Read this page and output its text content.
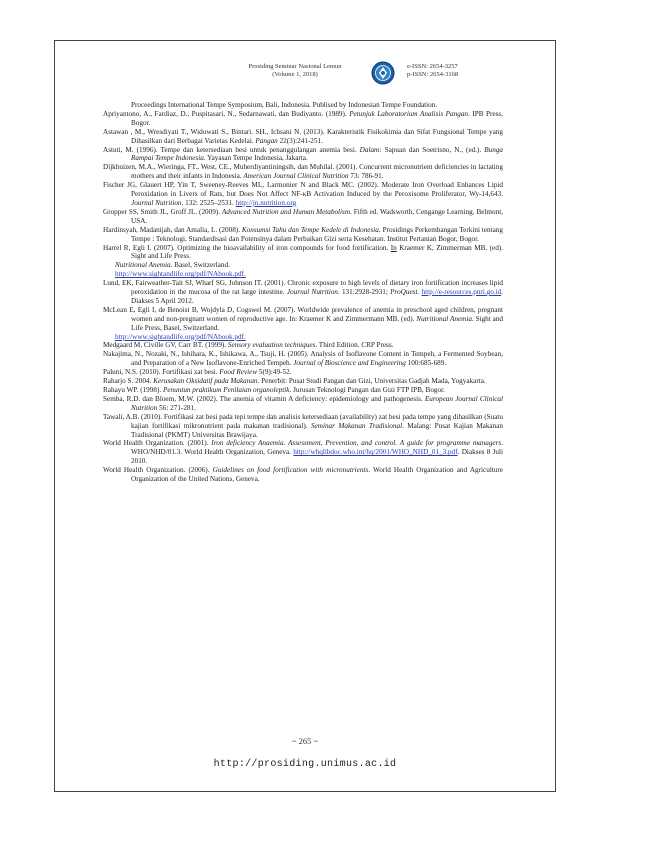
Prosiding Seminar Nasional Lemun
(Volume 1, 2018)
e-ISSN: 2654-3257
p-ISSN: 2654-3168

Proceedings International Tempe Symposium, Bali, Indonesia. Publised by Indonesian Tempe Foundation.

Apriyantono, A., Fardiaz, D., Puspitasari, N., Sedarnawati, dan Budiyanto. (1989). Petunjuk Laboratorium Analisis Pangan. IPB Press, Bogor.

Astawan , M., Wresdiyati T., Widowati S., Bintari. SH., Ichsani N. (2013). Karakteristik Fisikokimia dan Sifat Fungsional Tempe yang Dihasilkan dari Berbagai Varietas Kedelai. Pangan 22(3):241-251.

Astuti, M. (1996). Tempe dan ketersediaan besi untuk penanggulangan anemia besi. Dalam: Sapuan dan Soetrisno, N., (ed.). Bunga Rampai Tempe Indonesia. Yayasan Tempe Indonesia, Jakarta.

Dijkhuizen, M.A., Wieringa, FT., West, CE., Muherdiyantiningsih, dan Muhilal. (2001). Concurrent micronutrient deficiencies in lactating mothers and their infants in Indonesia. American Journal Clinical Nutrition 73: 786-91.

Fischer JG, Glauert HP, Yin T, Sweeney-Reeves ML, Larmonier N and Black MC. (2002). Moderate Iron Overload Enhances Lipid Peroxidation in Livers of Rats, but Does Not Affect NF-κB Activation Induced by the Peroxisome Proliferator, Wy-14,643. Journal Nutrition. 132: 2525–2531. http://jn.nutrition.org

Gropper SS, Smith JL, Groff JL. (2009). Advanced Nutrition and Human Metabolism. Fifth ed. Wadsworth, Cengange Learning. Belmont, USA.

Hardinsyah, Madanijah, dan Amalia, L. (2008). Konsumsi Tahu dan Tempe Kedele di Indonesia. Prosidings Perkembangan Terkini tentang Tempe : Teknologi, Standardisasi dan Potensinya dalam Perbaikan Gizi serta Kesehatan. Institut Pertanian Bogor, Bogor.

Harrel R, Egli I. (2007). Optimizing the bioavailability of iron compounds for food fortification. In Kraemer K, Zimmerman MB. (ed). Sight and Life Press.

Nutritional Anemia. Basel, Switzerland.

http://www.sightandlife.org/pdf/NAbook.pdf.

Lund, EK, Fairweather-Tait SJ, Wharf SG, Johnson IT. (2001). Chronic exposure to high levels of dietary iron fortification increases lipid peroxidation in the mucosa of the rat large intestine. Journal Nutrition. 131:2928-2931; ProQuest. http://e-resources.pnri.go.id. Diakses 5 April 2012.

McLean E, Egli I, de Benoist B, Wojdyla D, Cogswel M. (2007). Worldwide prevalence of anemia in preschool aged children, pregnant women and non-pregnant women of reproductive age. In: Kraemer K and Zimmermann MB. (ed). Nutritional Anemia. Sight and Life Press, Basel, Switzerland.

http://www.sightandlife.org/pdf/NAbook.pdf.

Medgaard M, Civille GV, Carr BT. (1999). Sensory evaluation techniques. Third Edition. CRP Press.

Nakajima, N., Nozaki, N., Ishihara, K., Ishikawa, A., Tsuji, H. (2005). Analysis of Isoflavone Content in Tempeh, a Fermented Soybean, and Preparation of a New Isoflavone-Enriched Tempeh. Journal of Bioscience and Engineering 100:685-689.

Paluni, N.S. (2010). Fortifikasi zat besi. Food Review 5(9):49-52.

Raharjo S. 2004. Kerusakan Oksidatif pada Makanan. Penerbit: Pusat Studi Pangan dan Gizi, Universitas Gadjah Mada, Yogyakarta.

Rahayu WP. (1998). Penuntun praktikum Penilaian organoleptik. Jurusan Teknologi Pangan dan Gizi FTP IPB, Bogor.

Semba, R.D. dan Bloem, M.W. (2002). The anemia of vitamin A deficiency: epidemiology and pathogenesis. European Journal Clinical Nutrition 56: 271-281.

Tawali, A.B. (2010). Fortifikasi zat besi pada tepi tempe dan analisis ketersediaan (availability) zat besi pada tempe yang dihasilkan (Suatu kajian fortifikasi mikronutrient pada makanan tradisional). Seminar Makanan Tradisional. Malang: Pusat Kajian Makanan Tradisional (PKMT) Universitas Brawijaya.

World Health Organization. (2001). Iron deficiency Anaemia. Assessment, Prevention, and control. A guide for programme managers. WHO/NHD/01.3. World Health Organization, Geneva. http://whqlibdoc.who.int/hq/2001/WHO_NHD_01_3.pdf. Diakses 8 Juli 2010.

World Health Organization. (2006). Guidelines on food fortification with micronutrients. World Health Organization and Agriculture Organization of the United Nations, Geneva.

~ 265 ~
http://prosiding.unimus.ac.id
